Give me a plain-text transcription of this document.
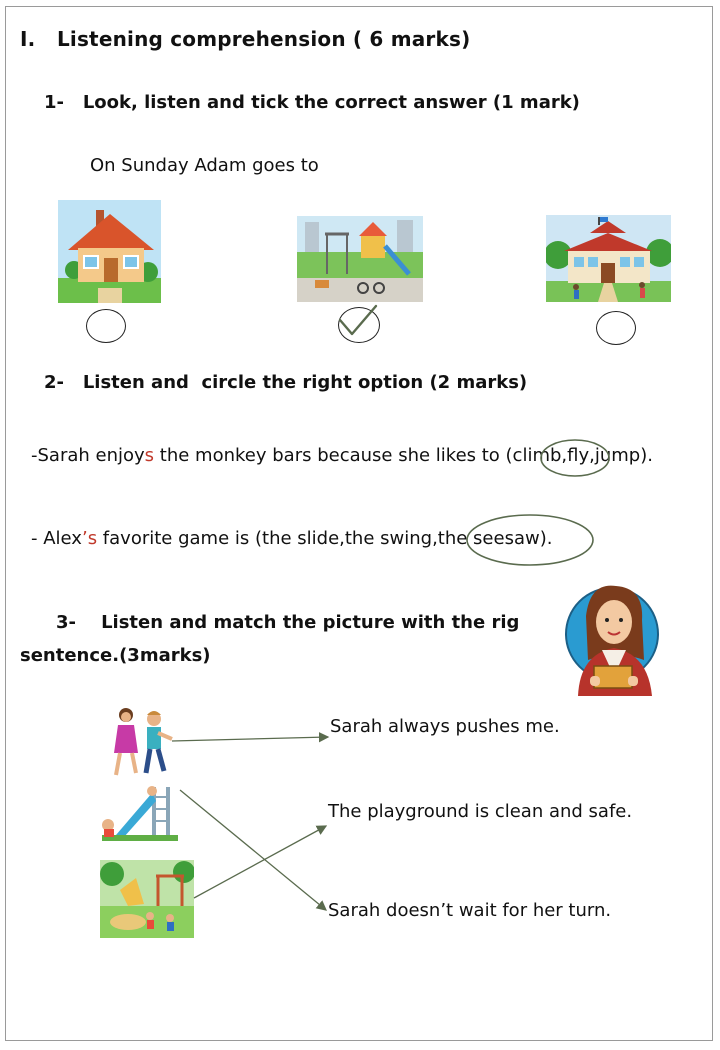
I. Listening comprehension ( 6 marks)
1- Look, listen and tick the correct answer (1 mark)
On Sunday Adam goes to
2- Listen and  circle the right option (2 marks)
-Sarah enjoys the monkey bars because she likes to (climb,fly,jump).
- Alex’s favorite game is (the slide,the swing,the seesaw).
3- Listen and match the picture with the rig
sentence.(3marks)
Sarah always pushes me.
The playground is clean and safe.
Sarah doesn’t wait for her turn.
